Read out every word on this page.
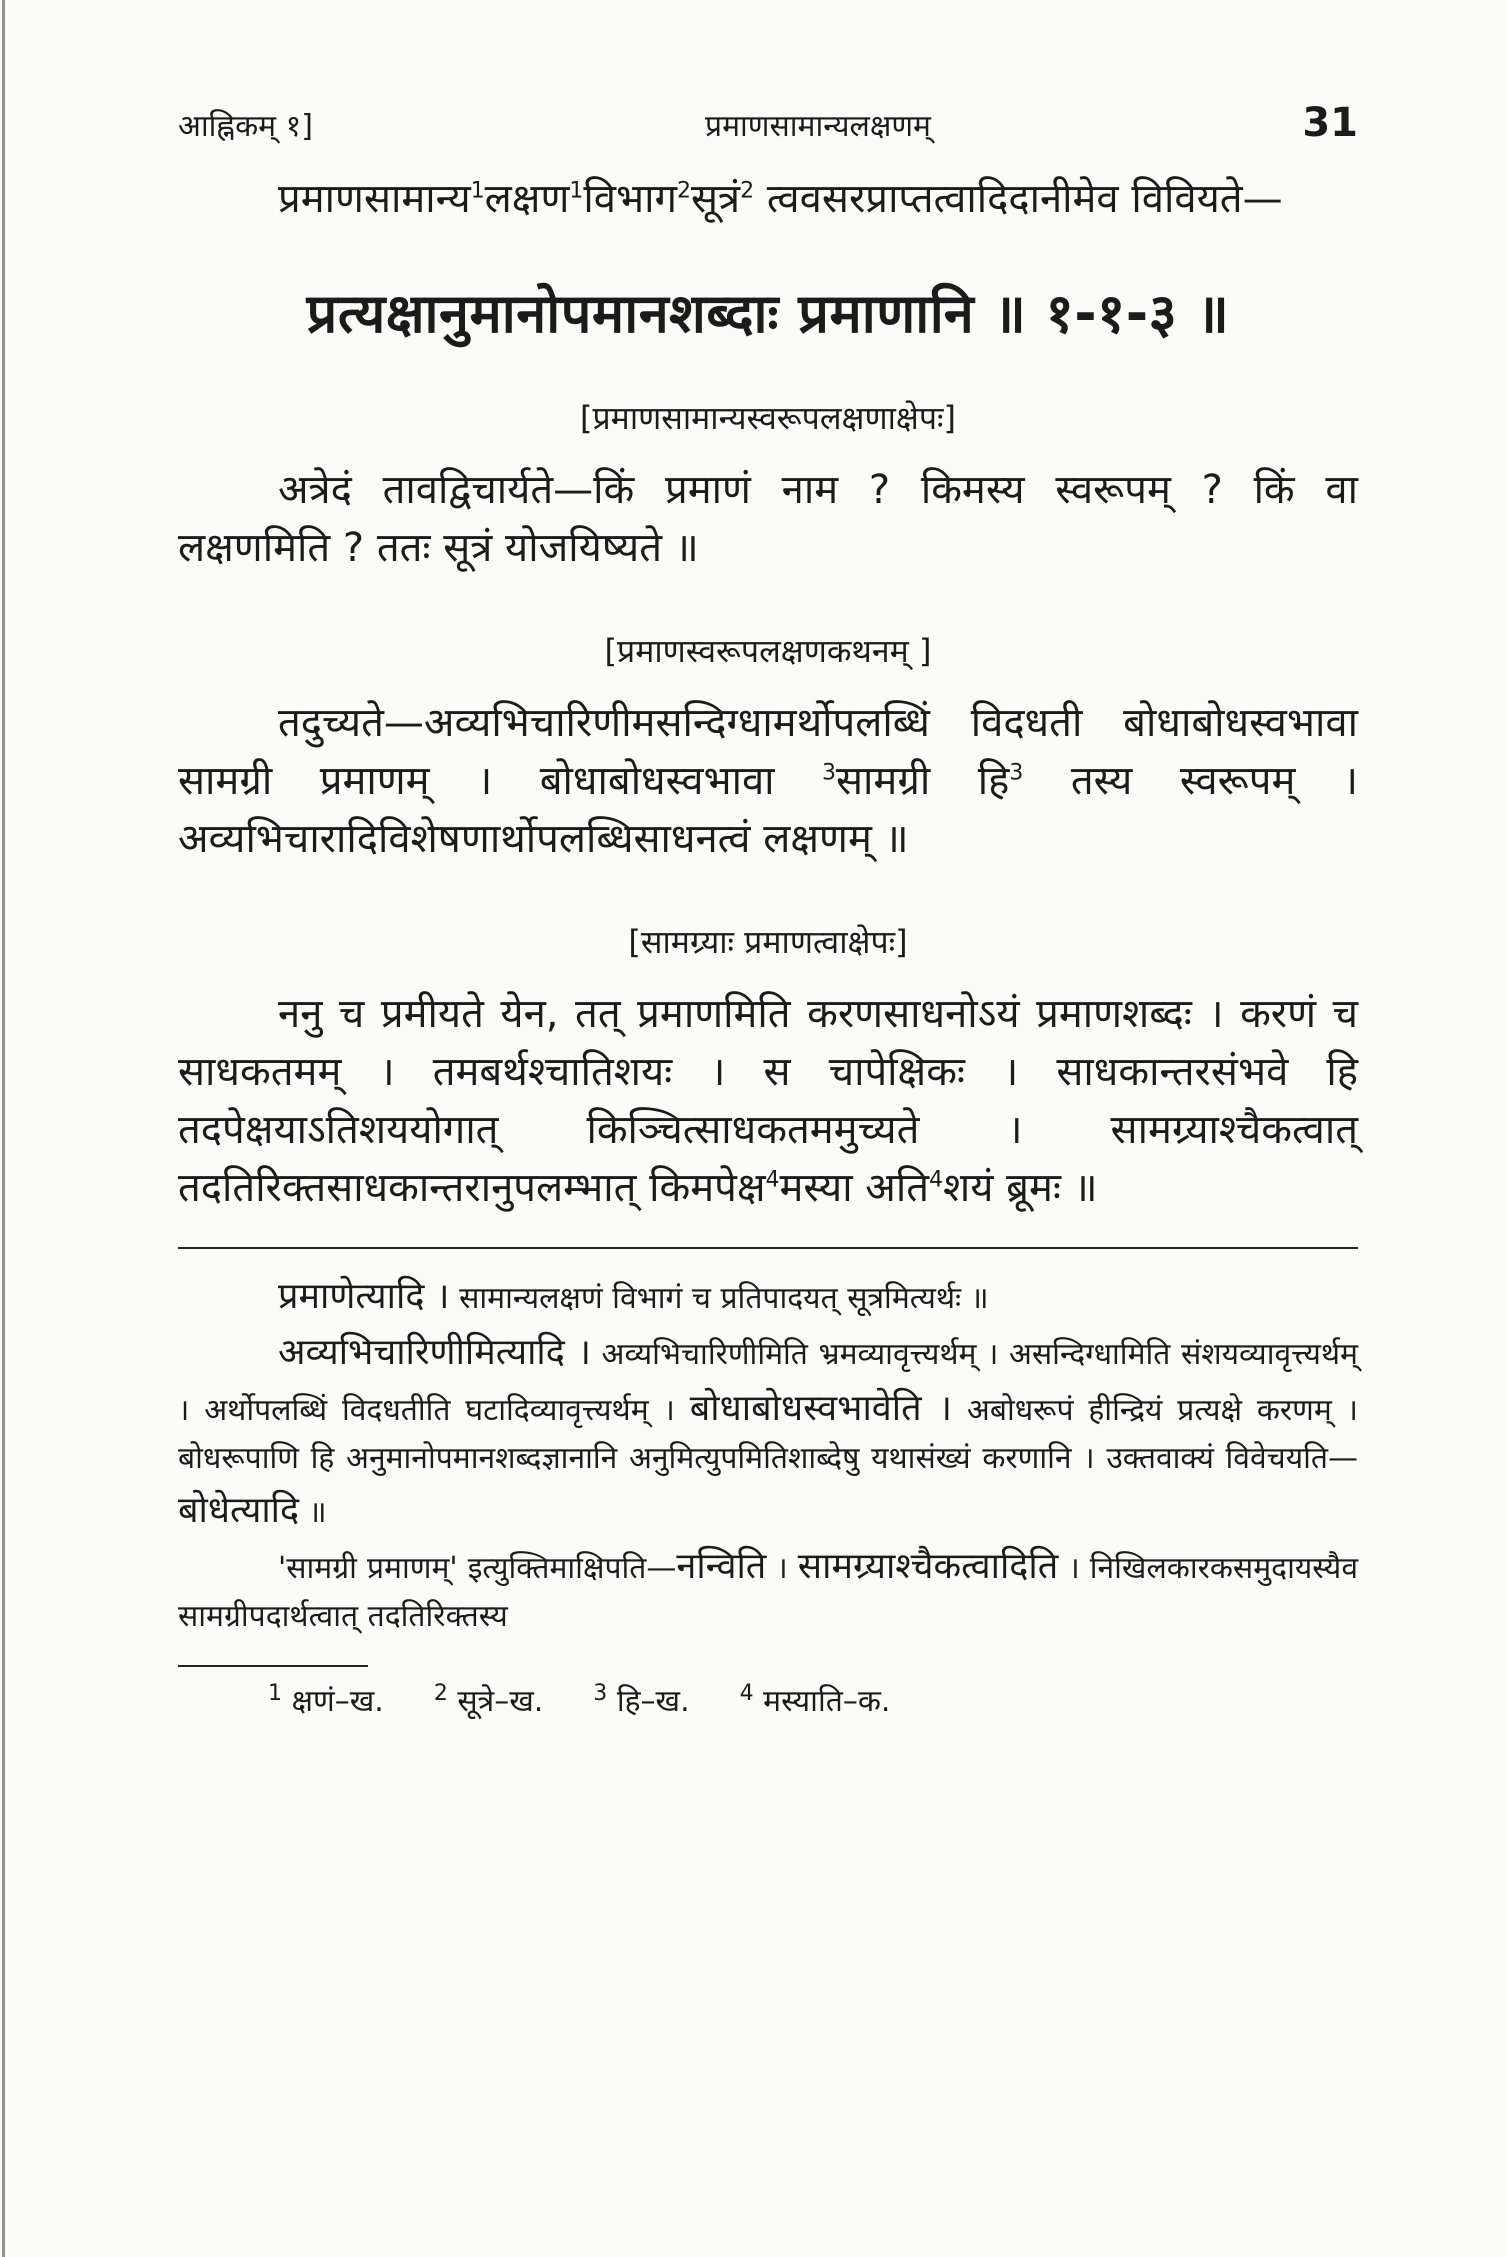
आह्निकम् १]	प्रमाणसामान्यलक्षणम्	31

प्रमाणसामान्य$^1$लक्षण$^1$विभाग$^2$सूत्रं$^2$ त्ववसरप्राप्तत्वादिदानीमेव विवियते—

प्रत्यक्षानुमानोपमानशब्दाः प्रमाणानि ॥ १-१-३ ॥

[प्रमाणसामान्यस्वरूपलक्षणाक्षेपः]

अत्रेदं तावद्विचार्यते—किं प्रमाणं नाम ? किमस्य स्वरूपम् ? किं वा लक्षणमिति ? ततः सूत्रं योजयिष्यते ॥

[प्रमाणस्वरूपलक्षणकथनम् ]

तदुच्यते—अव्यभिचारिणीमसन्दिग्धामर्थोपलब्धिं विदधती बोधाबोधस्वभावा सामग्री प्रमाणम् । बोधाबोधस्वभावा $^3$सामग्री हि$^3$ तस्य स्वरूपम् । अव्यभिचारादिविशेषणार्थोपलब्धिसाधनत्वं लक्षणम् ॥

[सामग्र्याः प्रमाणत्वाक्षेपः]

ननु च प्रमीयते येन, तत् प्रमाणमिति करणसाधनोऽयं प्रमाणशब्दः । करणं च साधकतमम् । तमबर्थश्चातिशयः । स चापेक्षिकः । साधकान्तरसंभवे हि तदपेक्षयाऽतिशययोगात् किञ्चित्साधकतममुच्यते । सामग्र्याश्चैकत्वात् तदतिरिक्तसाधकान्तरानुपलम्भात् किमपेक्ष$^4$मस्या अति$^4$शयं ब्रूमः ॥

प्रमाणेत्यादि । सामान्यलक्षणं विभागं च प्रतिपादयत् सूत्रमित्यर्थः ॥

अव्यभिचारिणीमित्यादि । अव्यभिचारिणीमिति भ्रमव्यावृत्त्यर्थम् । असन्दिग्धामिति संशयव्यावृत्त्यर्थम् । अर्थोपलब्धिं विदधतीति घटादिव्यावृत्त्यर्थम् । बोधाबोधस्वभावेति । अबोधरूपं हीन्द्रियं प्रत्यक्षे करणम् । बोधरूपाणि हि अनुमानोपमानशब्दज्ञानानि अनुमित्युपमितिशाब्देषु यथासंख्यं करणानि । उक्तवाक्यं विवेचयति—बोधेत्यादि ॥

'सामग्री प्रमाणम्' इत्युक्तिमाक्षिपति—नन्विति । सामग्र्याश्चैकत्वादिति । निखिलकारकसमुदायस्यैव सामग्रीपदार्थत्वात् तदतिरिक्तस्य

$^1$ क्षणं–ख. $^2$ सूत्रे–ख. $^3$ हि–ख. $^4$ मस्याति–क.
